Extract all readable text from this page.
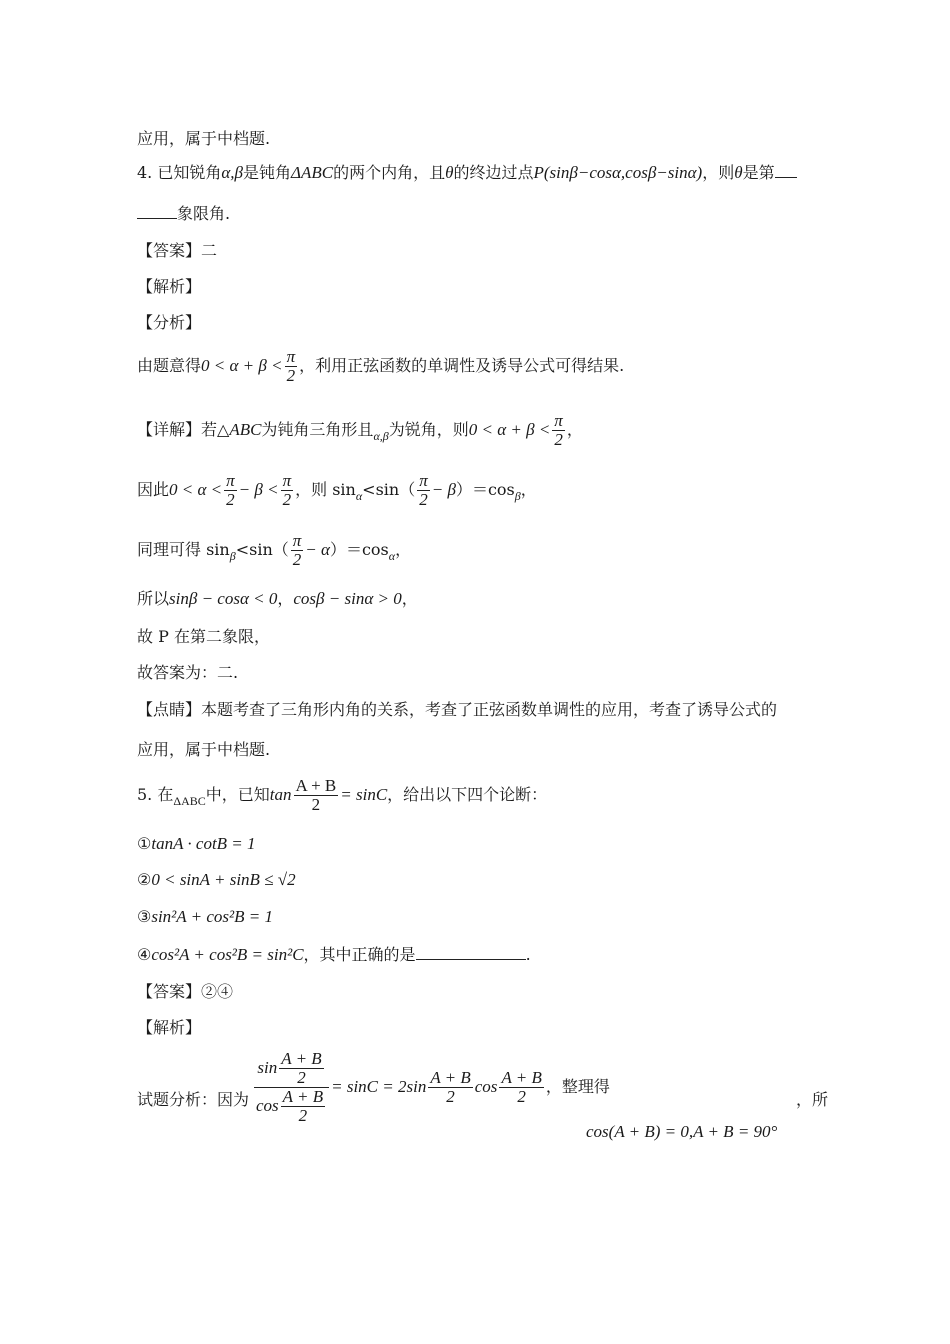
应用，属于中档题.
4. 已知锐角α,β是钝角ΔABC的两个内角，且θ的终边过点P(sinβ−cosα,cosβ−sinα)，则θ是第
象限角.
【答案】二
【解析】
【分析】
由题意得$0 < \alpha + \beta < \frac{\pi}{2}$ ，利用正弦函数的单调性及诱导公式可得结果.
【详解】若△ABC为钝角三角形且$_{\alpha,\beta}$为锐角，则$0 < \alpha + \beta < \frac{\pi}{2}$ ，
因此$0 < \alpha < \frac{\pi}{2} - \beta < \frac{\pi}{2}$ ，则 $\sin_\alpha<\sin( \frac{\pi}{2} - \beta)=\cos_\beta$，
同理可得 $\sin_\beta<\sin( \frac{\pi}{2} - \alpha)=\cos_\alpha$，
所以sinβ − cosα < 0，cosβ − sinα > 0，
故 P 在第二象限，
故答案为：二.
【点睛】本题考查了三角形内角的关系，考查了正弦函数单调性的应用，考查了诱导公式的
应用，属于中档题.
5. 在$_{\Delta ABC}$中，已知$\tan \frac{A + B}{2} = \sin C$，给出以下四个论断：
①tanA · cotB = 1
②0 < sinA + sinB ≤ √2
③sin²A + cos²B = 1
④cos²A + cos²B = sin²C，其中正确的是	.
【答案】②④
【解析】
试题分析：因为 $\frac{\sin \frac{A + B}{2}}{\cos \frac{A + B}{2}} = \sin C = 2\sin \frac{A + B}{2}$ $\cos \frac{A + B}{2}$ ，整理得
，所
cos(A + B) = 0,A + B = 90°
